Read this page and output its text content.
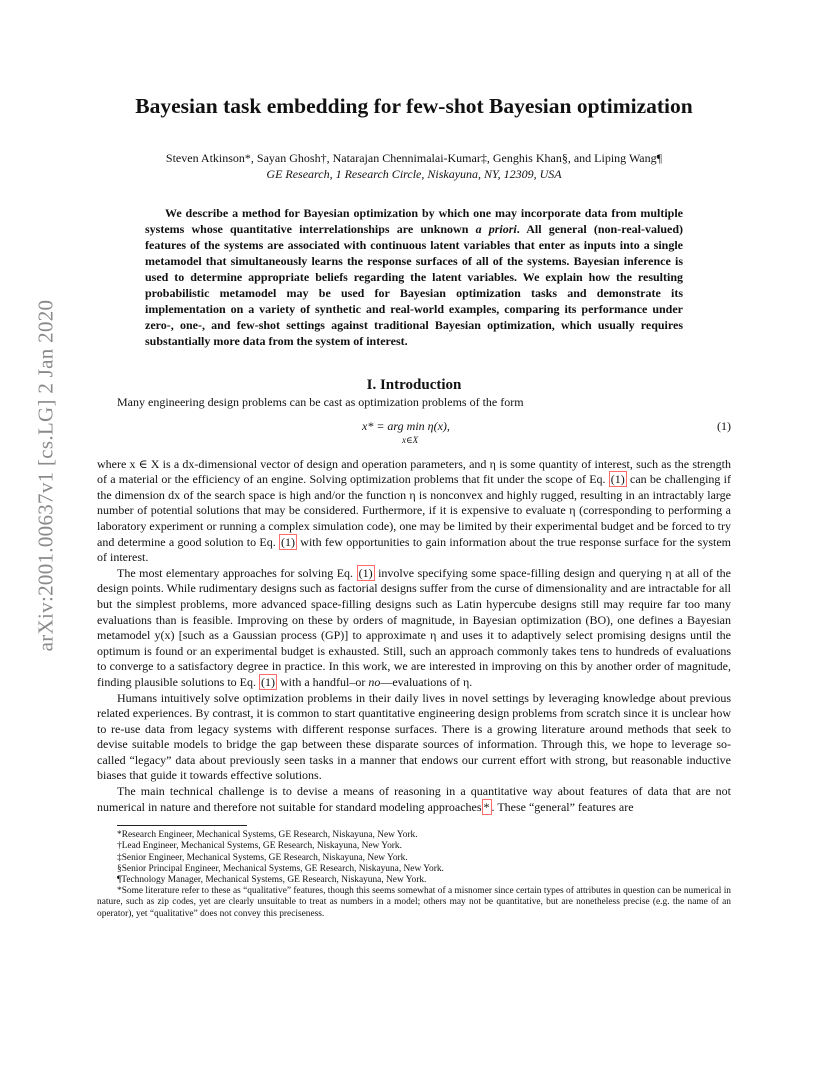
arXiv:2001.00637v1 [cs.LG] 2 Jan 2020
Bayesian task embedding for few-shot Bayesian optimization
Steven Atkinson*, Sayan Ghosh†, Natarajan Chennimalai-Kumar‡, Genghis Khan§, and Liping Wang¶
GE Research, 1 Research Circle, Niskayuna, NY, 12309, USA
We describe a method for Bayesian optimization by which one may incorporate data from multiple systems whose quantitative interrelationships are unknown a priori. All general (non-real-valued) features of the systems are associated with continuous latent variables that enter as inputs into a single metamodel that simultaneously learns the response surfaces of all of the systems. Bayesian inference is used to determine appropriate beliefs regarding the latent variables. We explain how the resulting probabilistic metamodel may be used for Bayesian optimization tasks and demonstrate its implementation on a variety of synthetic and real-world examples, comparing its performance under zero-, one-, and few-shot settings against traditional Bayesian optimization, which usually requires substantially more data from the system of interest.
I. Introduction

Many engineering design problems can be cast as optimization problems of the form

x* = arg min η(x),
x∈X
(1)

where x ∈ X is a dx-dimensional vector of design and operation parameters, and η is some quantity of interest, such as the strength of a material or the efficiency of an engine. Solving optimization problems that fit under the scope of Eq. (1) can be challenging if the dimension dx of the search space is high and/or the function η is nonconvex and highly rugged, resulting in an intractably large number of potential solutions that may be considered. Furthermore, if it is expensive to evaluate η (corresponding to performing a laboratory experiment or running a complex simulation code), one may be limited by their experimental budget and be forced to try and determine a good solution to Eq. (1) with few opportunities to gain information about the true response surface for the system of interest.

The most elementary approaches for solving Eq. (1) involve specifying some space-filling design and querying η at all of the design points. While rudimentary designs such as factorial designs suffer from the curse of dimensionality and are intractable for all but the simplest problems, more advanced space-filling designs such as Latin hypercube designs still may require far too many evaluations than is feasible. Improving on these by orders of magnitude, in Bayesian optimization (BO), one defines a Bayesian metamodel y(x) [such as a Gaussian process (GP)] to approximate η and uses it to adaptively select promising designs until the optimum is found or an experimental budget is exhausted. Still, such an approach commonly takes tens to hundreds of evaluations to converge to a satisfactory degree in practice. In this work, we are interested in improving on this by another order of magnitude, finding plausible solutions to Eq. (1) with a handful–or no—evaluations of η.

Humans intuitively solve optimization problems in their daily lives in novel settings by leveraging knowledge about previous related experiences. By contrast, it is common to start quantitative engineering design problems from scratch since it is unclear how to re-use data from legacy systems with different response surfaces. There is a growing literature around methods that seek to devise suitable models to bridge the gap between these disparate sources of information. Through this, we hope to leverage so-called “legacy” data about previously seen tasks in a manner that endows our current effort with strong, but reasonable inductive biases that guide it towards effective solutions.

The main technical challenge is to devise a means of reasoning in a quantitative way about features of data that are not numerical in nature and therefore not suitable for standard modeling approaches * . These “general” features are

*Research Engineer, Mechanical Systems, GE Research, Niskayuna, New York.
†Lead Engineer, Mechanical Systems, GE Research, Niskayuna, New York.
‡Senior Engineer, Mechanical Systems, GE Research, Niskayuna, New York.
§Senior Principal Engineer, Mechanical Systems, GE Research, Niskayuna, New York.
¶Technology Manager, Mechanical Systems, GE Research, Niskayuna, New York.
*Some literature refer to these as “qualitative” features, though this seems somewhat of a misnomer since certain types of attributes in question can be numerical in nature, such as zip codes, yet are clearly unsuitable to treat as numbers in a model; others may not be quantitative, but are nonetheless precise (e.g. the name of an operator), yet “qualitative” does not convey this preciseness.
